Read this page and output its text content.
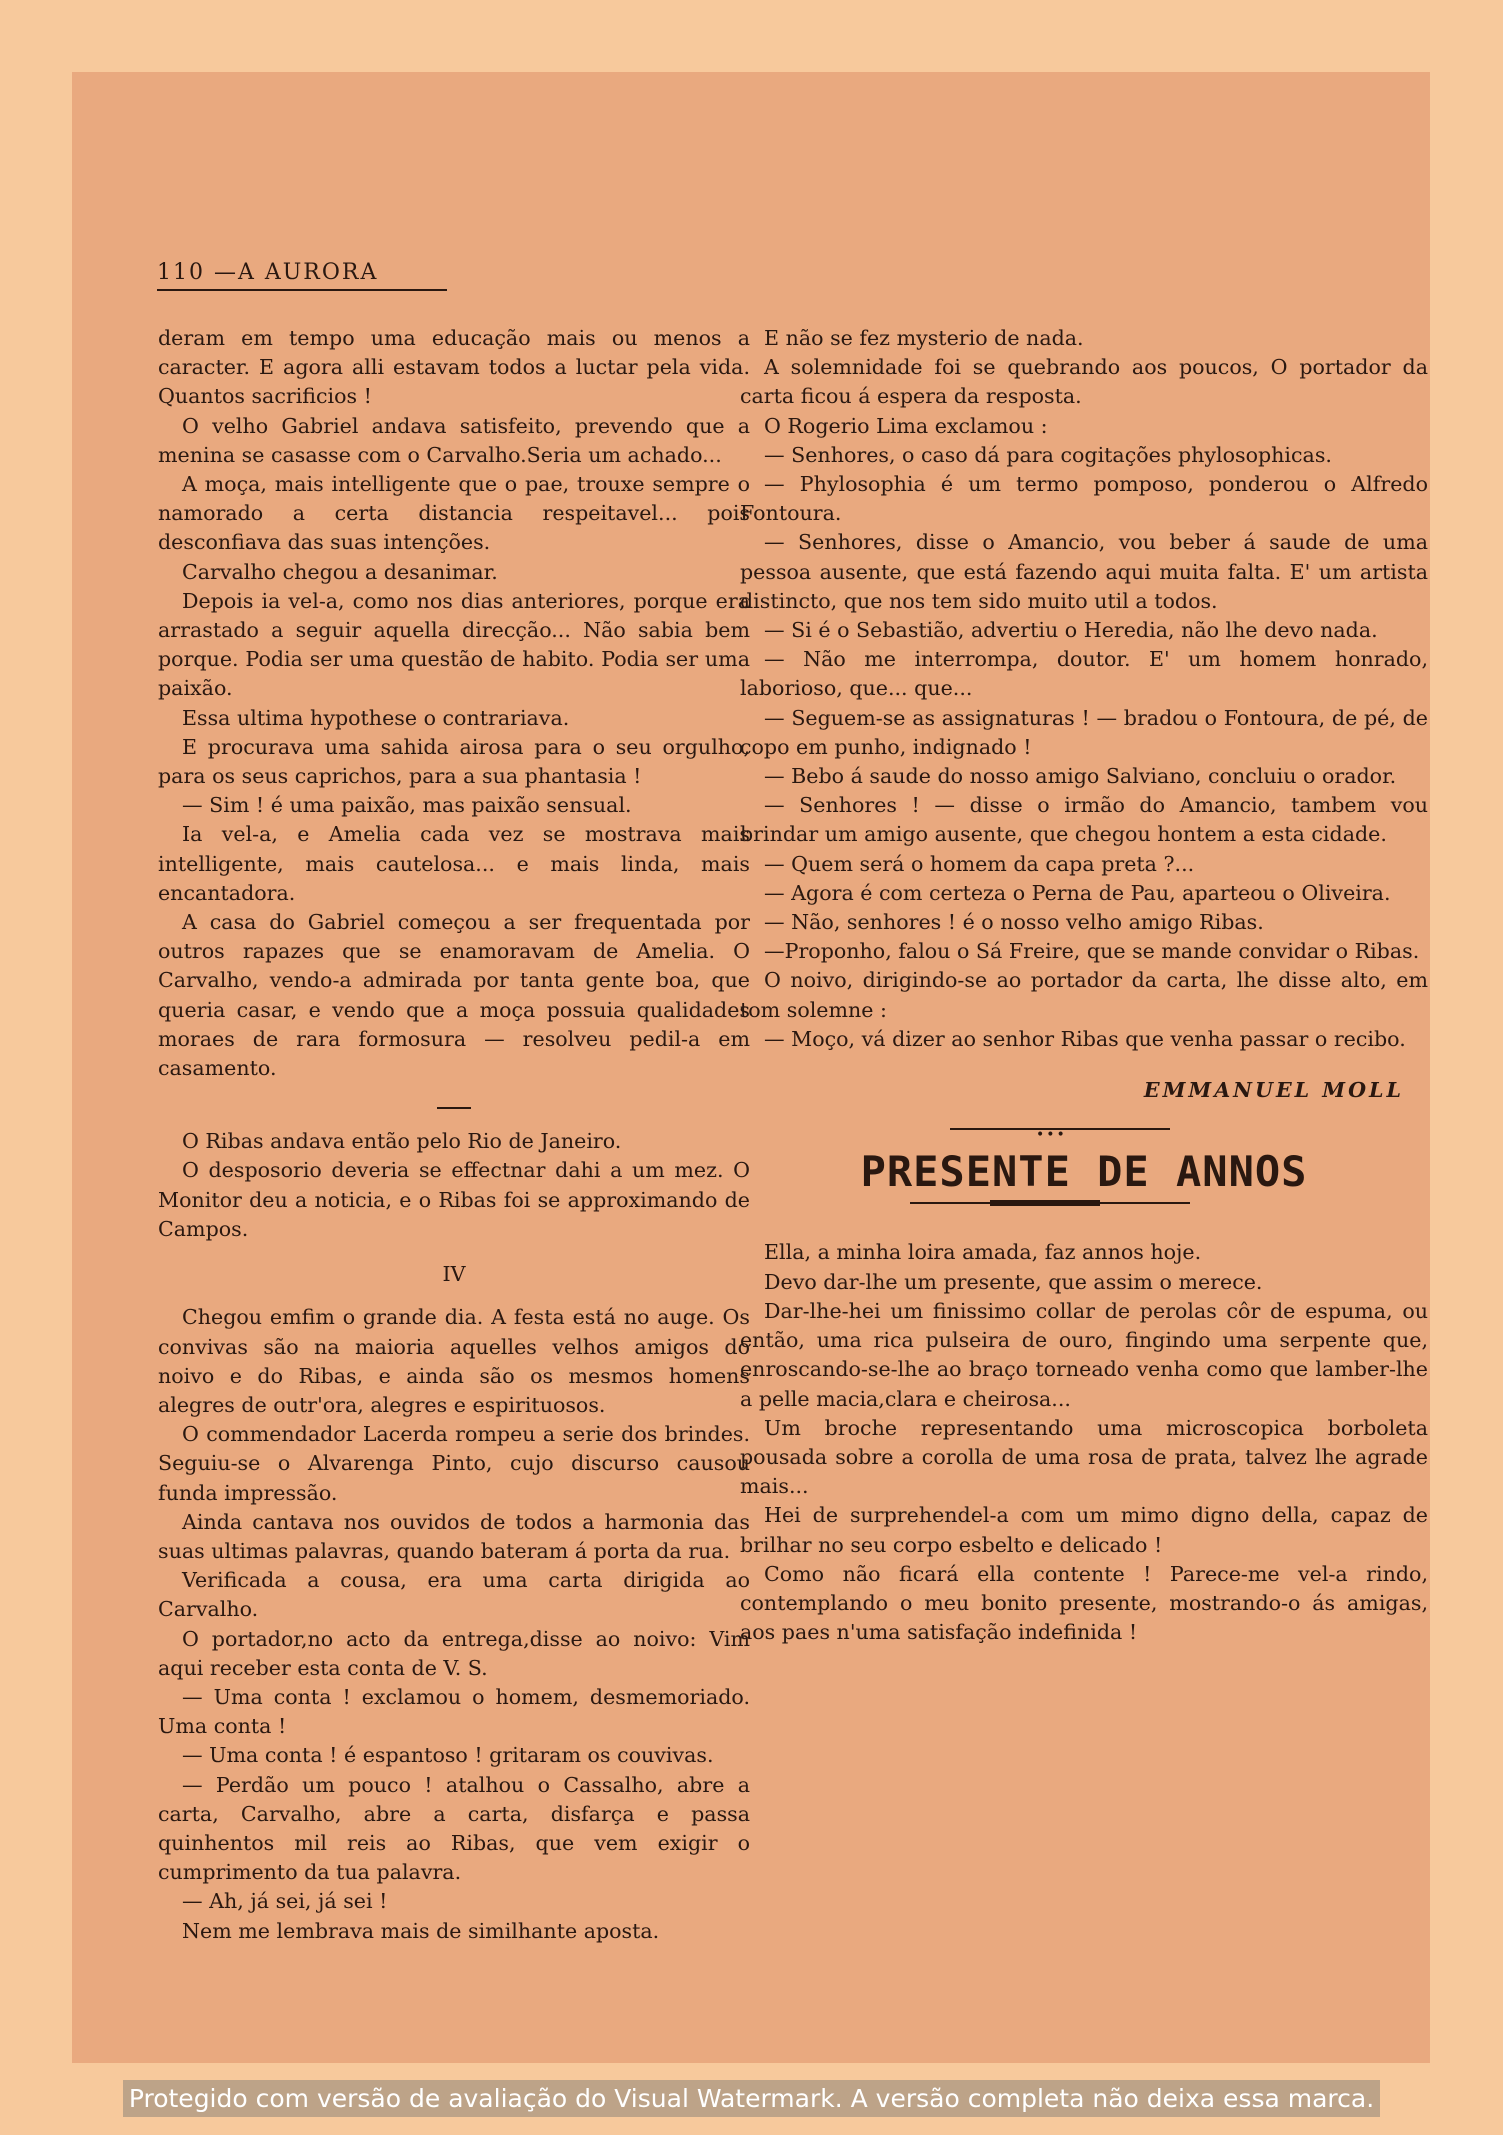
110 —A AURORA

deram em tempo uma educação mais ou menos a caracter. E agora alli estavam todos a luctar pela vida. Quantos sacrificios !

O velho Gabriel andava satisfeito, prevendo que a menina se casasse com o Carvalho.Seria um achado...

A moça, mais intelligente que o pae, trouxe sempre o namorado a certa distancia respeitavel... pois desconfiava das suas intenções.

Carvalho chegou a desanimar.

Depois ia vel-a, como nos dias anteriores, porque era arrastado a seguir aquella direcção... Não sabia bem porque. Podia ser uma questão de habito. Podia ser uma paixão.

Essa ultima hypothese o contrariava.

E procurava uma sahida airosa para o seu orgulho, para os seus caprichos, para a sua phantasia !

— Sim ! é uma paixão, mas paixão sensual.

Ia vel-a, e Amelia cada vez se mostrava mais intelligente, mais cautelosa... e mais linda, mais encantadora.

A casa do Gabriel começou a ser frequentada por outros rapazes que se enamoravam de Amelia. O Carvalho, vendo-a admirada por tanta gente boa, que queria casar, e vendo que a moça possuia qualidades moraes de rara formosura — resolveu pedil-a em casamento.

O Ribas andava então pelo Rio de Janeiro.

O desposorio deveria se effectnar dahi a um mez. O Monitor deu a noticia, e o Ribas foi se approximando de Campos.

IV

Chegou emfim o grande dia. A festa está no auge. Os convivas são na maioria aquelles velhos amigos do noivo e do Ribas, e ainda são os mesmos homens alegres de outr'ora, alegres e espirituosos.

O commendador Lacerda rompeu a serie dos brindes. Seguiu-se o Alvarenga Pinto, cujo discurso causou funda impressão.

Ainda cantava nos ouvidos de todos a harmonia das suas ultimas palavras, quando bateram á porta da rua.

Verificada a cousa, era uma carta dirigida ao Carvalho.

O portador,no acto da entrega,disse ao noivo: Vim aqui receber esta conta de V. S.

— Uma conta ! exclamou o homem, desmemoriado. Uma conta !

— Uma conta ! é espantoso ! gritaram os couvivas.

— Perdão um pouco ! atalhou o Cassalho, abre a carta, Carvalho, abre a carta, disfarça e passa quinhentos mil reis ao Ribas, que vem exigir o cumprimento da tua palavra.

— Ah, já sei, já sei !

Nem me lembrava mais de similhante aposta.

E não se fez mysterio de nada.

A solemnidade foi se quebrando aos poucos, O portador da carta ficou á espera da resposta.

O Rogerio Lima exclamou :

— Senhores, o caso dá para cogitações phylosophicas.

— Phylosophia é um termo pomposo, ponderou o Alfredo Fontoura.

— Senhores, disse o Amancio, vou beber á saude de uma pessoa ausente, que está fazendo aqui muita falta. E' um artista distincto, que nos tem sido muito util a todos.

— Si é o Sebastião, advertiu o Heredia, não lhe devo nada.

— Não me interrompa, doutor. E' um homem honrado, laborioso, que... que...

— Seguem-se as assignaturas ! — bradou o Fontoura, de pé, de copo em punho, indignado !

— Bebo á saude do nosso amigo Salviano, concluiu o orador.

— Senhores ! — disse o irmão do Amancio, tambem vou brindar um amigo ausente, que chegou hontem a esta cidade.

— Quem será o homem da capa preta ?...

— Agora é com certeza o Perna de Pau, aparteou o Oliveira.

— Não, senhores ! é o nosso velho amigo Ribas.

—Proponho, falou o Sá Freire, que se mande convidar o Ribas.

O noivo, dirigindo-se ao portador da carta, lhe disse alto, em tom solemne :

— Moço, vá dizer ao senhor Ribas que venha passar o recibo.

EMMANUEL MOLL
•••
PRESENTE DE ANNOS

Ella, a minha loira amada, faz annos hoje.

Devo dar-lhe um presente, que assim o merece.

Dar-lhe-hei um finissimo collar de perolas côr de espuma, ou então, uma rica pulseira de ouro, fingindo uma serpente que, enroscando-se-lhe ao braço torneado venha como que lamber-lhe a pelle macia,clara e cheirosa...

Um broche representando uma microscopica borboleta pousada sobre a corolla de uma rosa de prata, talvez lhe agrade mais...

Hei de surprehendel-a com um mimo digno della, capaz de brilhar no seu corpo esbelto e delicado !

Como não ficará ella contente ! Parece-me vel-a rindo, contemplando o meu bonito presente, mostrando-o ás amigas, aos paes n'uma satisfação indefinida !

Protegido com versão de avaliação do Visual Watermark. A versão completa não deixa essa marca.
